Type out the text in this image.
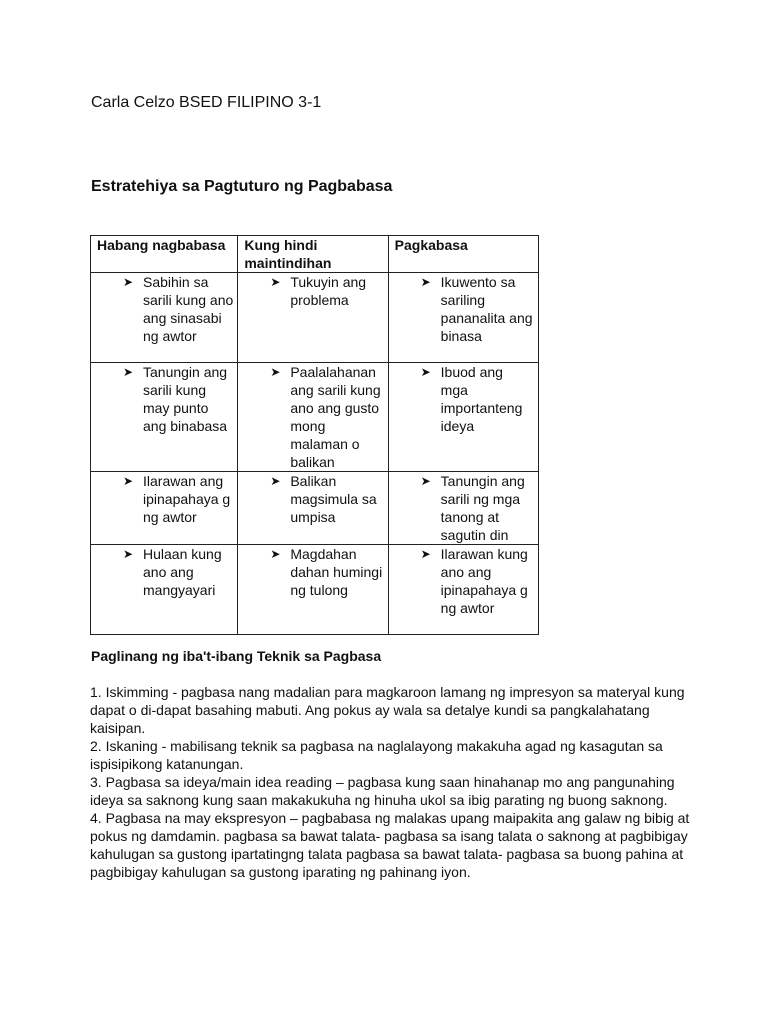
Carla Celzo BSED FILIPINO 3-1

Estratehiya sa Pagtuturo ng Pagbabasa
Habang nagbabasa	Kung hindi maintindihan	Pagkabasa

➤ Sabihin sa sarili kung ano ang sinasabi ng awtor	➤ Tukuyin ang problema	➤ Ikuwento sa sariling pananalita ang binasa

➤ Tanungin ang sarili kung may punto ang binabasa	➤ Paalalahanan ang sarili kung ano ang gusto mong malaman o balikan	➤ Ibuod ang mga importanteng ideya

➤ Ilarawan ang ipinapahaya g ng awtor	➤ Balikan magsimula sa umpisa	➤ Tanungin ang sarili ng mga tanong at sagutin din

➤ Hulaan kung ano ang mangyayari	➤ Magdahan dahan humingi ng tulong	➤ Ilarawan kung ano ang ipinapahaya g ng awtor
Paglinang ng iba't-ibang Teknik sa Pagbasa

1. Iskimming - pagbasa nang madalian para magkaroon lamang ng impresyon sa materyal kung dapat o di-dapat basahing mabuti. Ang pokus ay wala sa detalye kundi sa pangkalahatang kaisipan.

2. Iskaning - mabilisang teknik sa pagbasa na naglalayong makakuha agad ng kasagutan sa ispisipikong katanungan.

3. Pagbasa sa ideya/main idea reading – pagbasa kung saan hinahanap mo ang pangunahing ideya sa saknong kung saan makakukuha ng hinuha ukol sa ibig parating ng buong saknong.

4. Pagbasa na may ekspresyon – pagbabasa ng malakas upang maipakita ang galaw ng bibig at pokus ng damdamin. pagbasa sa bawat talata- pagbasa sa isang talata o saknong at pagbibigay kahulugan sa gustong ipartatingng talata pagbasa sa bawat talata- pagbasa sa buong pahina at pagbibigay kahulugan sa gustong iparating ng pahinang iyon.
